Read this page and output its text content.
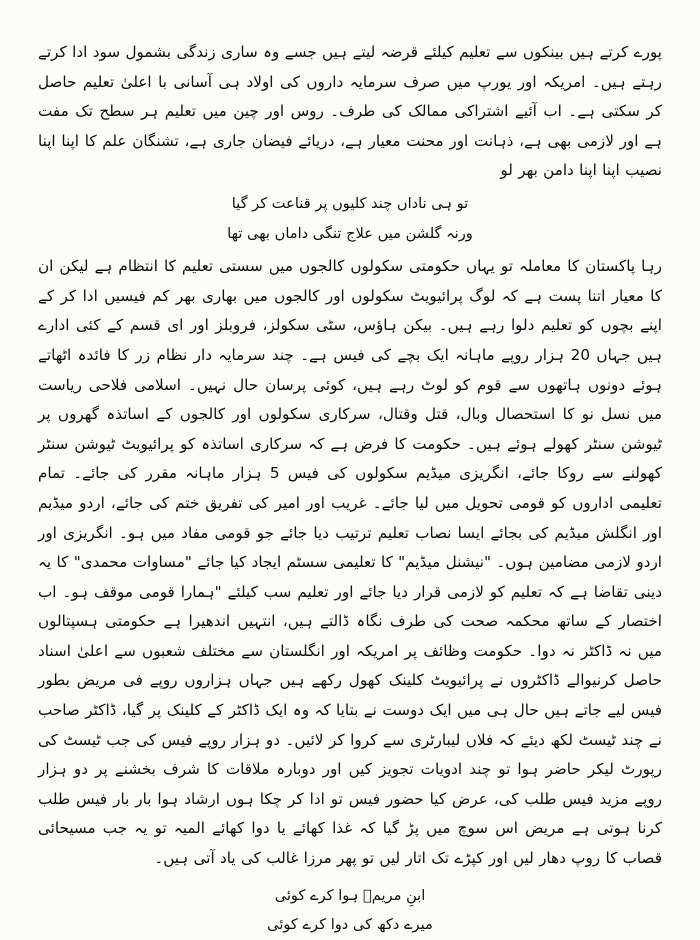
پورے کرتے ہیں بینکوں سے تعلیم کیلئے قرضہ لیتے ہیں جسے وہ ساری زندگی بشمول سود ادا کرتے رہتے ہیں۔ امریکہ اور یورپ میں صرف سرمایہ داروں کی اولاد ہی آسانی با اعلیٰ تعلیم حاصل کر سکتی ہے۔ اب آئیے اشتراکی ممالک کی طرف۔ روس اور چین میں تعلیم ہر سطح تک مفت ہے اور لازمی بھی ہے، ذہانت اور محنت معیار ہے، دریائے فیضان جاری ہے، تشنگان علم کا اپنا اپنا نصیب اپنا اپنا دامن بھر لو

تو ہی ناداں چند کلیوں پر قناعت کر گیا
ورنہ گلشن میں علاج تنگی داماں بھی تھا

رہا پاکستان کا معاملہ تو یہاں حکومتی سکولوں کالجوں میں سستی تعلیم کا انتظام ہے لیکن ان کا معیار اتنا پست ہے کہ لوگ پرائیویٹ سکولوں اور کالجوں میں بھاری بھر کم فیسیں ادا کر کے اپنے بچوں کو تعلیم دلوا رہے ہیں۔ بیکن ہاؤس، سٹی سکولز، فروبلز اور ای قسم کے کئی ادارے ہیں جہاں 20 ہزار روپے ماہانہ ایک بچے کی فیس ہے۔ چند سرمایہ دار نظام زر کا فائدہ اٹھاتے ہوئے دونوں ہاتھوں سے قوم کو لوٹ رہے ہیں، کوئی پرسان حال نہیں۔ اسلامی فلاحی ریاست میں نسل نو کا استحصال وبال، قتل وقتال، سرکاری سکولوں اور کالجوں کے اساتذہ گھروں پر ٹیوشن سنٹر کھولے ہوئے ہیں۔ حکومت کا فرض ہے کہ سرکاری اساتذہ کو پرائیویٹ ٹیوشن سنٹر کھولنے سے روکا جائے، انگریزی میڈیم سکولوں کی فیس 5 ہزار ماہانہ مقرر کی جائے۔ تمام تعلیمی اداروں کو قومی تحویل میں لیا جائے۔ غریب اور امیر کی تفریق ختم کی جائے، اردو میڈیم اور انگلش میڈیم کی بجائے ایسا نصاب تعلیم ترتیب دیا جائے جو قومی مفاد میں ہو۔ انگریزی اور اردو لازمی مضامین ہوں۔ "نیشنل میڈیم" کا تعلیمی سسٹم ایجاد کیا جائے "مساوات محمدی" کا یہ دینی تقاضا ہے کہ تعلیم کو لازمی قرار دیا جائے اور تعلیم سب کیلئے "ہمارا قومی موقف ہو۔ اب اختصار کے ساتھ محکمہ صحت کی طرف نگاہ ڈالتے ہیں، انتہیں اندھیرا ہے حکومتی ہسپتالوں میں نہ ڈاکٹر نہ دوا۔ حکومت وظائف پر امریکہ اور انگلستان سے مختلف شعبوں سے اعلیٰ اسناد حاصل کرنیوالے ڈاکٹروں نے پرائیویٹ کلینک کھول رکھے ہیں جہاں ہزاروں روپے فی مریض بطور فیس لیے جاتے ہیں حال ہی میں ایک دوست نے بتایا کہ وہ ایک ڈاکٹر کے کلینک پر گیا، ڈاکٹر صاحب نے چند ٹیسٹ لکھ دیئے کہ فلاں لیبارٹری سے کروا کر لائیں۔ دو ہزار روپے فیس کی جب ٹیسٹ کی رپورٹ لیکر حاضر ہوا تو چند ادویات تجویز کیں اور دوبارہ ملاقات کا شرف بخشنے پر دو ہزار روپے مزید فیس طلب کی، عرض کیا حضور فیس تو ادا کر چکا ہوں ارشاد ہوا بار بار فیس طلب کرنا ہوتی ہے مریض اس سوچ میں پڑ گیا کہ غذا کھائے یا دوا کھائے المیہ تو یہ جب مسیحائی قصاب کا روپ دھار لیں اور کپڑے تک اتار لیں تو پھر مرزا غالب کی یاد آتی ہیں۔

ابنِ مریمؑ ہوا کرے کوئی
میرے دکھ کی دوا کرے کوئی
